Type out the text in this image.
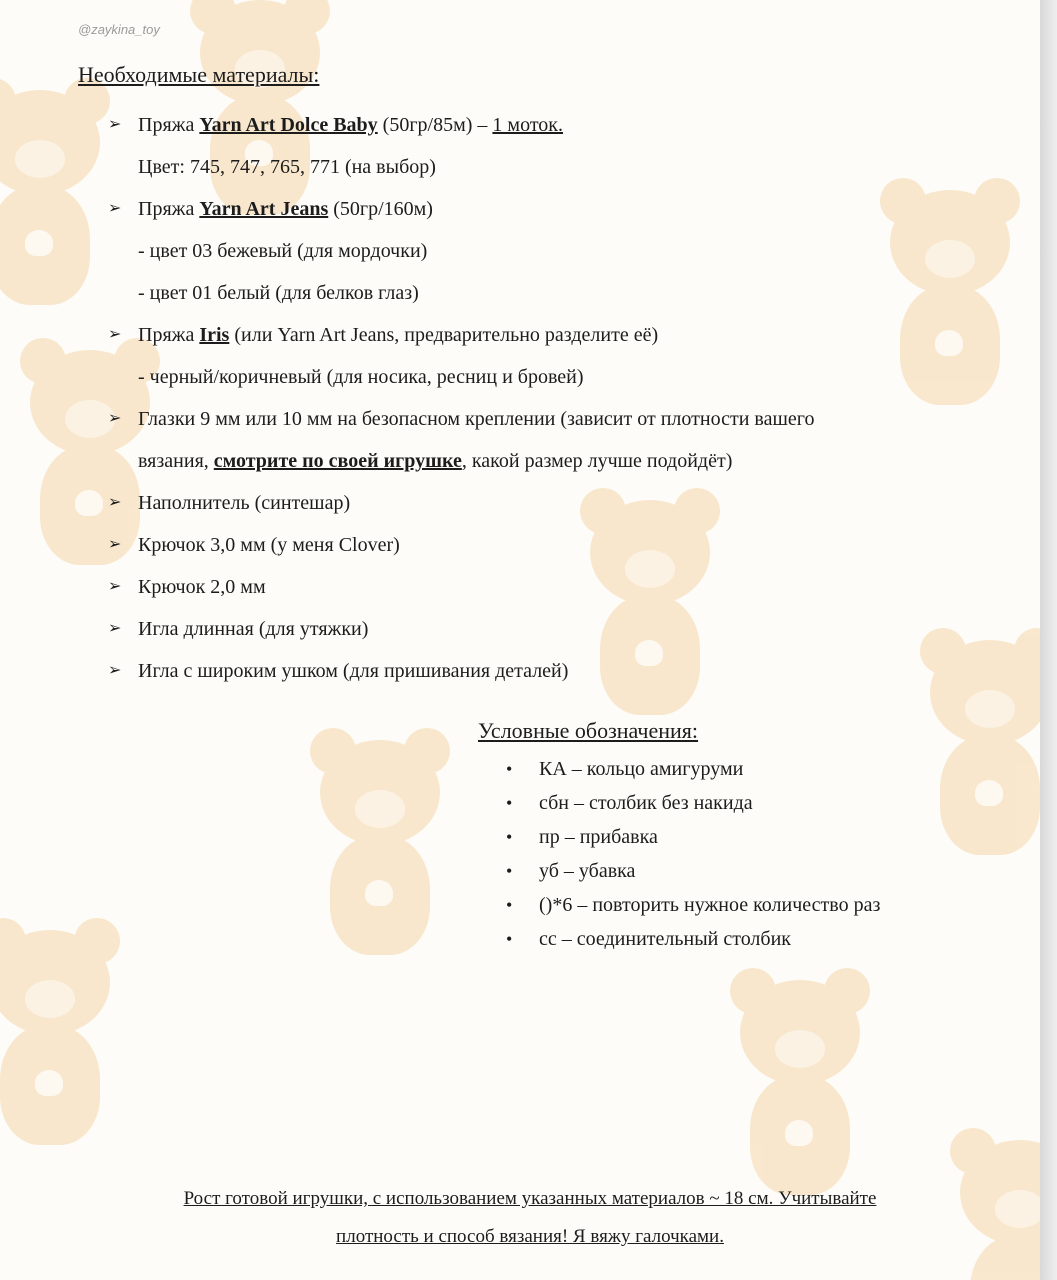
@zaykina_toy
Необходимые материалы:
➢ Пряжа Yarn Art Dolce Baby (50гр/85м) – 1 моток.
Цвет: 745, 747, 765, 771 (на выбор)
➢ Пряжа Yarn Art Jeans (50гр/160м)
- цвет 03 бежевый (для мордочки)
- цвет 01 белый (для белков глаз)
➢ Пряжа Iris (или Yarn Art Jeans, предварительно разделите её)
- черный/коричневый (для носика, ресниц и бровей)
➢ Глазки 9 мм или 10 мм на безопасном креплении (зависит от плотности вашего
вязания, смотрите по своей игрушке, какой размер лучше подойдёт)
➢ Наполнитель (синтешар)
➢ Крючок 3,0 мм (у меня Clover)
➢ Крючок 2,0 мм
➢ Игла длинная (для утяжки)
➢ Игла с широким ушком (для пришивания деталей)
Условные обозначения:
• КА – кольцо амигуруми
• сбн – столбик без накида
• пр – прибавка
• уб – убавка
• ()*6 – повторить нужное количество раз
• сс – соединительный столбик
Рост готовой игрушки, с использованием указанных материалов ~ 18 см. Учитывайте
плотность и способ вязания! Я вяжу галочками.
